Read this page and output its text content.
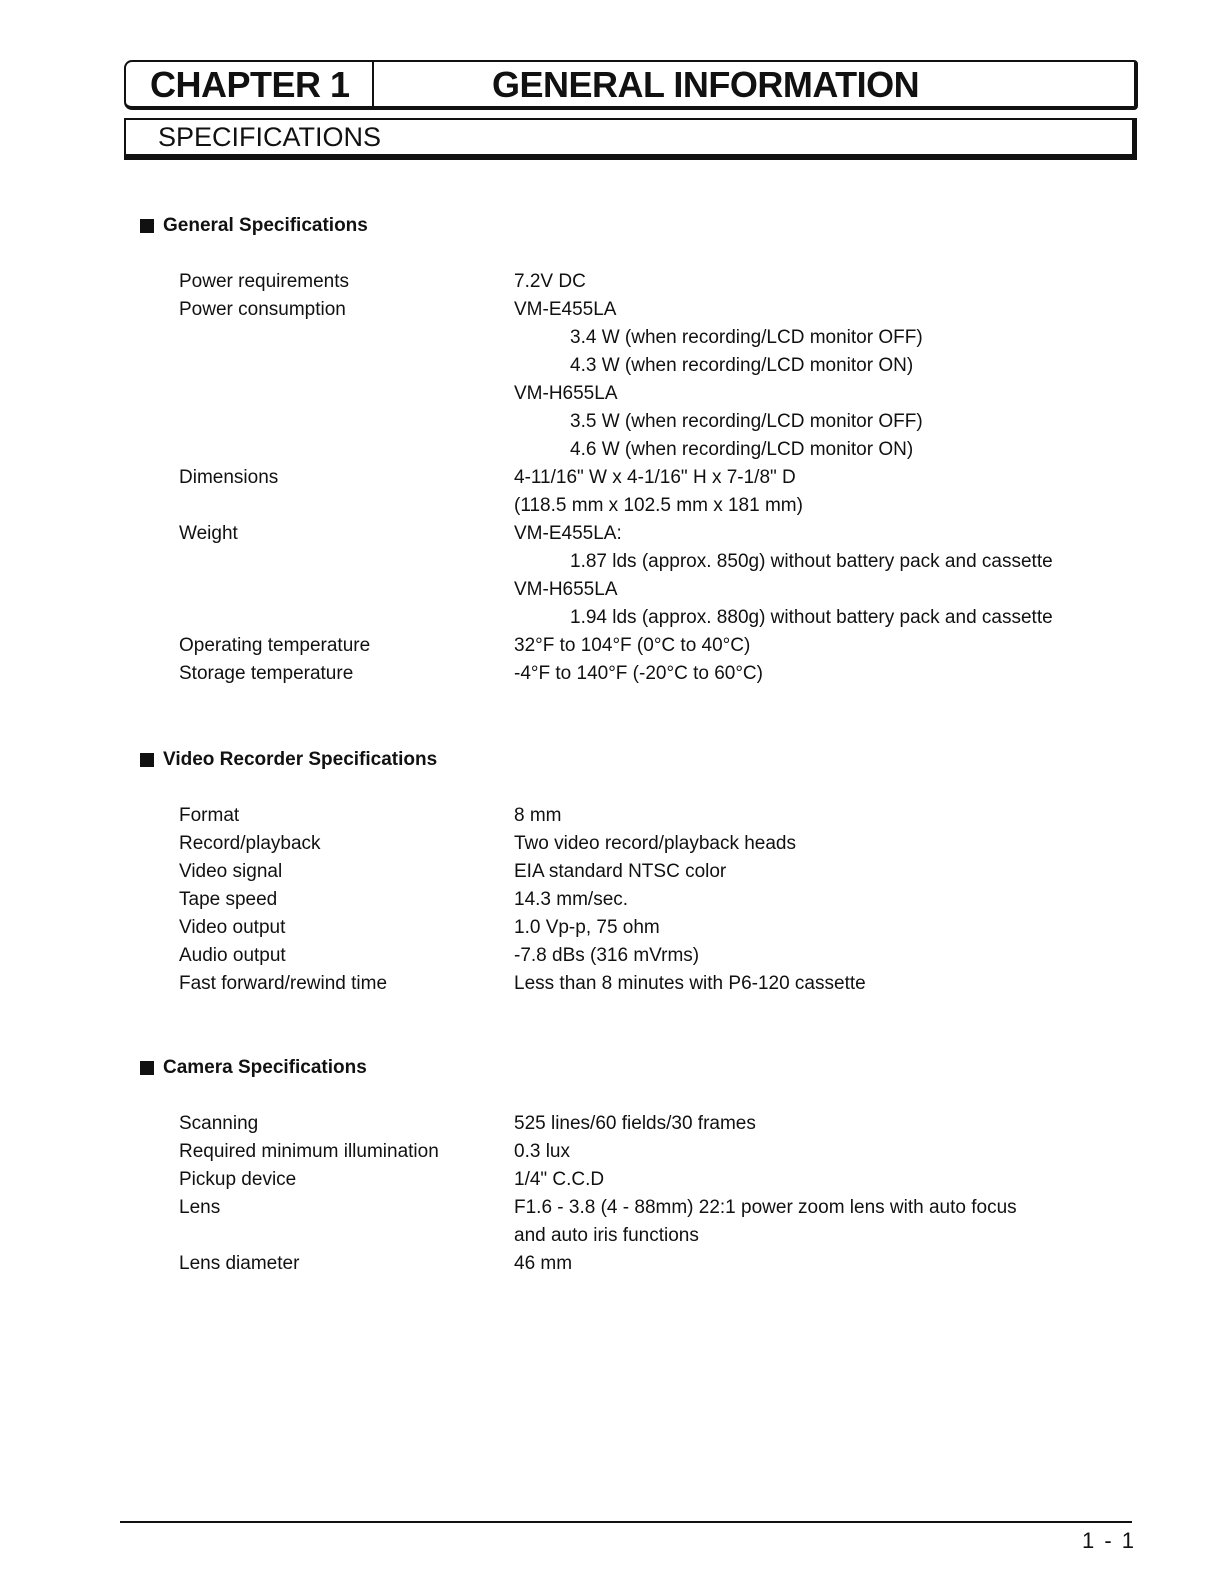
CHAPTER 1	GENERAL INFORMATION
SPECIFICATIONS
General Specifications
Power requirements	7.2V DC
Power consumption	VM-E455LA
3.4 W (when recording/LCD monitor OFF)
4.3 W (when recording/LCD monitor ON)
VM-H655LA
3.5 W (when recording/LCD monitor OFF)
4.6 W (when recording/LCD monitor ON)
Dimensions	4-11/16" W x 4-1/16" H x 7-1/8" D
(118.5 mm x 102.5 mm x 181 mm)
Weight	VM-E455LA:
1.87 lds (approx. 850g) without battery pack and cassette
VM-H655LA
1.94 lds (approx. 880g) without battery pack and cassette
Operating temperature	32°F to 104°F (0°C to 40°C)
Storage temperature	-4°F to 140°F (-20°C to 60°C)
Video Recorder Specifications
Format	8 mm
Record/playback	Two video record/playback heads
Video signal	EIA standard NTSC color
Tape speed	14.3 mm/sec.
Video output	1.0 Vp-p, 75 ohm
Audio output	-7.8 dBs (316 mVrms)
Fast forward/rewind time	Less than 8 minutes with P6-120 cassette
Camera Specifications
Scanning	525 lines/60 fields/30 frames
Required minimum illumination	0.3 lux
Pickup device	1/4" C.C.D
Lens	F1.6 - 3.8 (4 - 88mm) 22:1 power zoom lens with auto focus
and auto iris functions
Lens diameter	46 mm
1 - 1
